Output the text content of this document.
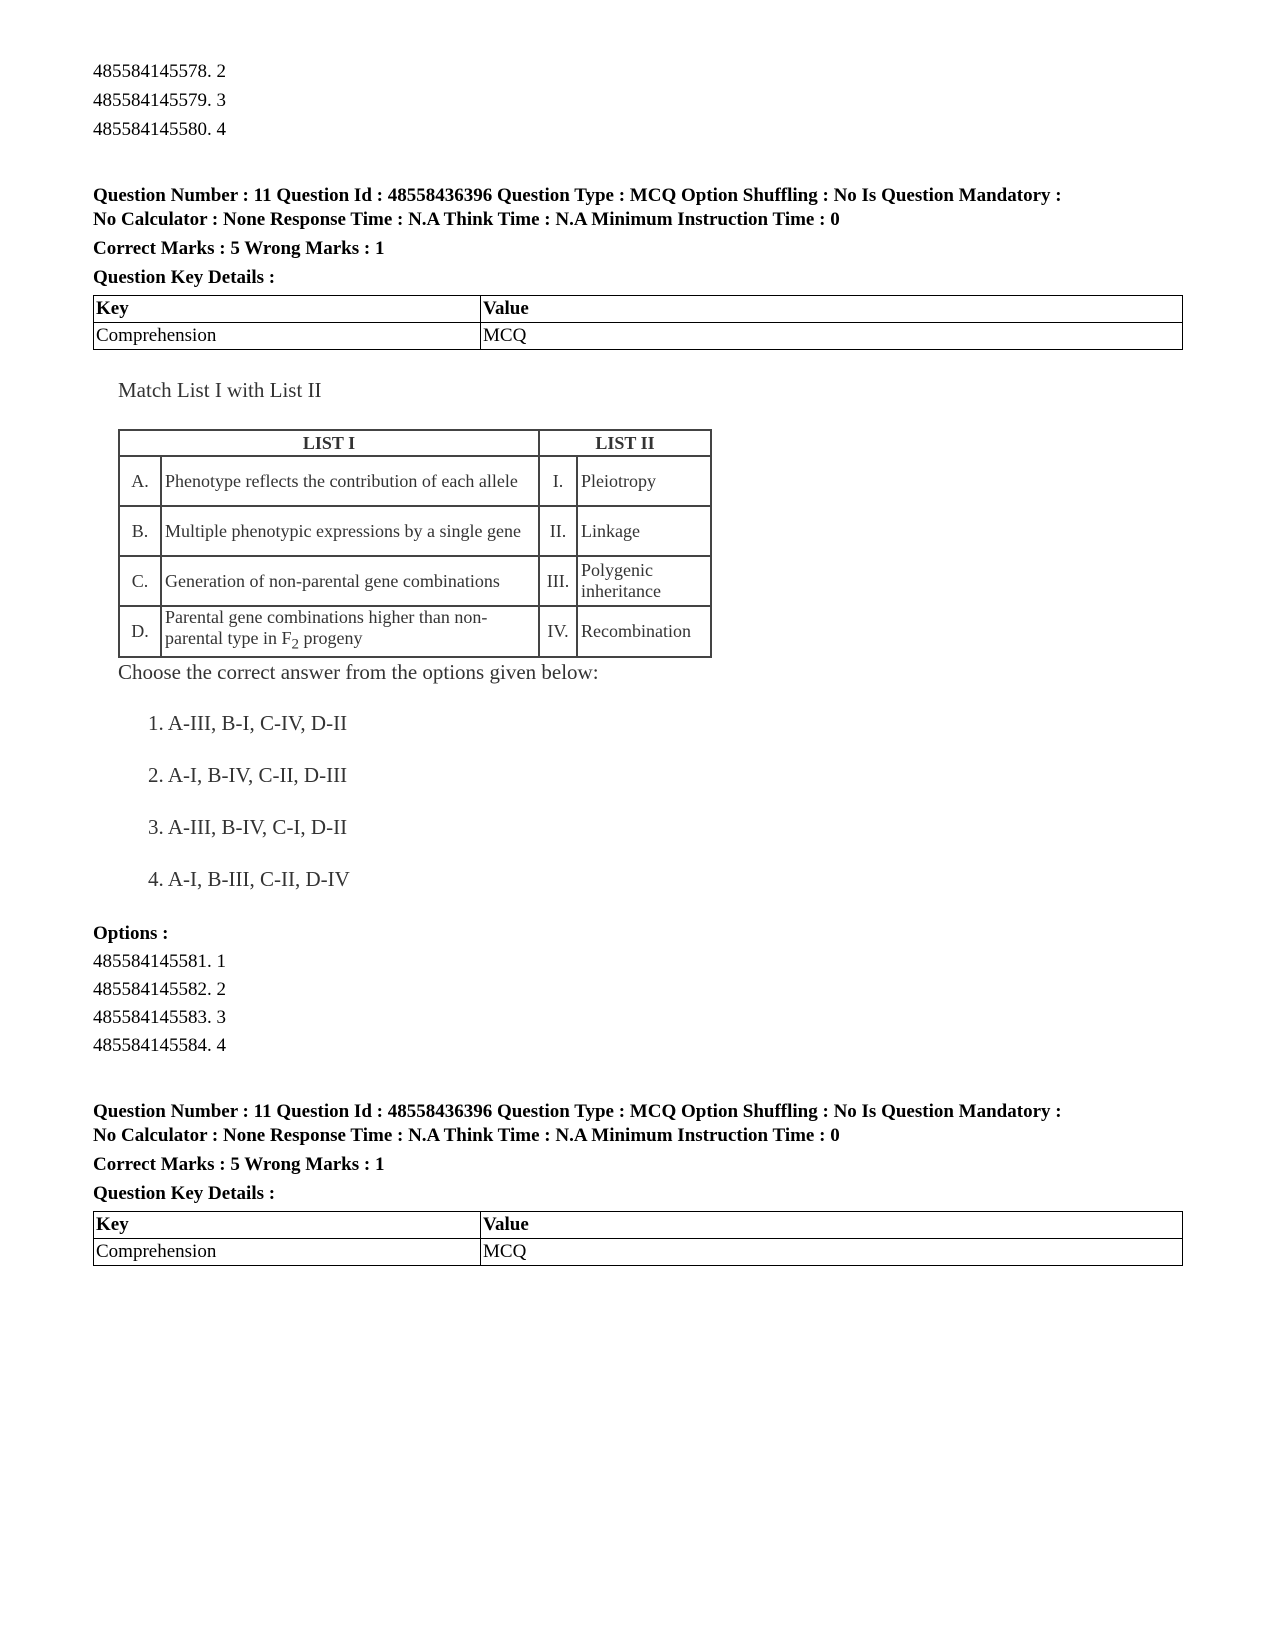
485584145578. 2
485584145579. 3
485584145580. 4
Question Number : 11 Question Id : 48558436396 Question Type : MCQ Option Shuffling : No Is Question Mandatory :
No Calculator : None Response Time : N.A Think Time : N.A Minimum Instruction Time : 0
Correct Marks : 5 Wrong Marks : 1
Question Key Details :
Key	Value
Comprehension	MCQ
Match List I with List II
LIST I		LIST II	
A.	Phenotype reflects the contribution of each allele	I.	Pleiotropy
B.	Multiple phenotypic expressions by a single gene	II.	Linkage
C.	Generation of non-parental gene combinations	III.	Polygenic inheritance
D.	Parental gene combinations higher than non-parental type in $F_2$ progeny	IV.	Recombination
Choose the correct answer from the options given below:
1. A-III, B-I, C-IV, D-II
2. A-I, B-IV, C-II, D-III
3. A-III, B-IV, C-I, D-II
4. A-I, B-III, C-II, D-IV
Options :
485584145581. 1
485584145582. 2
485584145583. 3
485584145584. 4
Question Number : 11 Question Id : 48558436396 Question Type : MCQ Option Shuffling : No Is Question Mandatory :
No Calculator : None Response Time : N.A Think Time : N.A Minimum Instruction Time : 0
Correct Marks : 5 Wrong Marks : 1
Question Key Details :
Key	Value
Comprehension	MCQ
